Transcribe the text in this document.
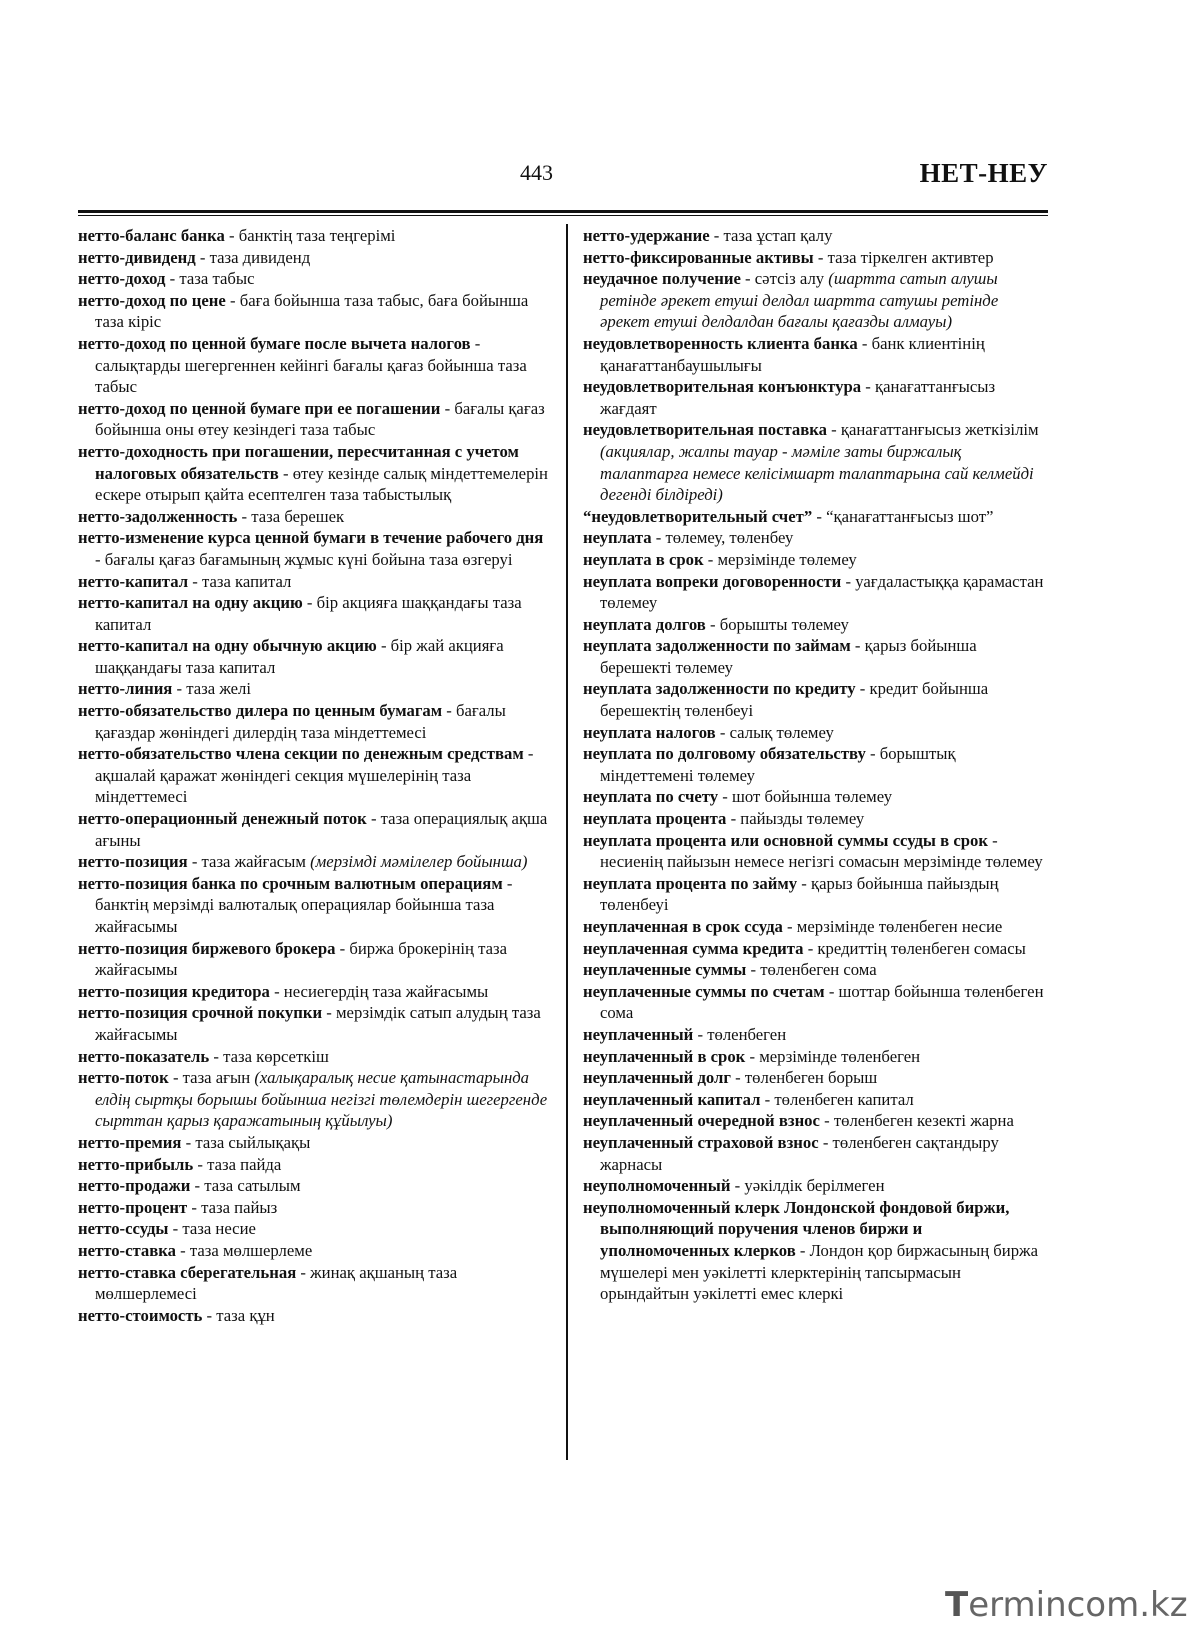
443	НЕТ-НЕУ
нетто-баланс банка - банктің таза теңгерімі
нетто-дивиденд - таза дивиденд
нетто-доход - таза табыс
нетто-доход по цене - баға бойынша таза табыс, баға бойынша таза кіріс
нетто-доход по ценной бумаге после вычета налогов - салықтарды шегергеннен кейінгі бағалы қағаз бойынша таза табыс
нетто-доход по ценной бумаге при ее погашении - бағалы қағаз бойынша оны өтеу кезіндегі таза табыс
нетто-доходность при погашении, пересчитанная с учетом налоговых обязательств - өтеу кезінде салық міндеттемелерін ескере отырып қайта есептелген таза табыстылық
нетто-задолженность - таза берешек
нетто-изменение курса ценной бумаги в течение рабочего дня - бағалы қағаз бағамының жұмыс күні бойына таза өзгеруі
нетто-капитал - таза капитал
нетто-капитал на одну акцию - бір акцияға шаққандағы таза капитал
нетто-капитал на одну обычную акцию - бір жай акцияға шаққандағы таза капитал
нетто-линия - таза желі
нетто-обязательство дилера по ценным бумагам - бағалы қағаздар жөніндегі дилердің таза міндеттемесі
нетто-обязательство члена секции по денежным средствам - ақшалай қаражат жөніндегі секция мүшелерінің таза міндеттемесі
нетто-операционный денежный поток - таза операциялық ақша ағыны
нетто-позиция - таза жайғасым (мерзімді мәмілелер бойынша)
нетто-позиция банка по срочным валютным операциям - банктің мерзімді валюталық операциялар бойынша таза жайғасымы
нетто-позиция биржевого брокера - биржа брокерінің таза жайғасымы
нетто-позиция кредитора - несиегердің таза жайғасымы
нетто-позиция срочной покупки - мерзімдік сатып алудың таза жайғасымы
нетто-показатель - таза көрсеткіш
нетто-поток - таза ағын (халықаралық несие қатынастарында елдің сыртқы борышы бойынша негізгі төлемдерін шегергенде сырттан қарыз қаражатының құйылуы)
нетто-премия - таза сыйлықақы
нетто-прибыль - таза пайда
нетто-продажи - таза сатылым
нетто-процент - таза пайыз
нетто-ссуды - таза несие
нетто-ставка - таза мөлшерлеме
нетто-ставка сберегательная - жинақ ақшаның таза мөлшерлемесі
нетто-стоимость - таза құн
нетто-удержание - таза ұстап қалу
нетто-фиксированные активы - таза тіркелген активтер
неудачное получение - сәтсіз алу (шартта сатып алушы ретінде әрекет етуші делдал шартта сатушы ретінде әрекет етуші делдалдан бағалы қағазды алмауы)
неудовлетворенность клиента банка - банк клиентінің қанағаттанбаушылығы
неудовлетворительная конъюнктура - қанағаттанғысыз жағдаят
неудовлетворительная поставка - қанағаттанғысыз жеткізілім (акциялар, жалпы тауар - мәміле заты биржалық талаптарға немесе келісімшарт талаптарына сай келмейді дегенді білдіреді)
“неудовлетворительный счет” - “қанағаттанғысыз шот”
неуплата - төлемеу, төленбеу
неуплата в срок - мерзімінде төлемеу
неуплата вопреки договоренности - уағдаластыққа қарамастан төлемеу
неуплата долгов - борышты төлемеу
неуплата задолженности по займам - қарыз бойынша берешекті төлемеу
неуплата задолженности по кредиту - кредит бойынша берешектің төленбеуі
неуплата налогов - салық төлемеу
неуплата по долговому обязательству - борыштық міндеттемені төлемеу
неуплата по счету - шот бойынша төлемеу
неуплата процента - пайызды төлемеу
неуплата процента или основной суммы ссуды в срок - несиенің пайызын немесе негізгі сомасын мерзімінде төлемеу
неуплата процента по займу - қарыз бойынша пайыздың төленбеуі
неуплаченная в срок ссуда - мерзімінде төленбеген несие
неуплаченная сумма кредита - кредиттің төленбеген сомасы
неуплаченные суммы - төленбеген сома
неуплаченные суммы по счетам - шоттар бойынша төленбеген сома
неуплаченный - төленбеген
неуплаченный в срок - мерзімінде төленбеген
неуплаченный долг - төленбеген борыш
неуплаченный капитал - төленбеген капитал
неуплаченный очередной взнос - төленбеген кезекті жарна
неуплаченный страховой взнос - төленбеген сақтандыру жарнасы
неуполномоченный - уәкілдік берілмеген
неуполномоченный клерк Лондонской фондовой биржи, выполняющий поручения членов биржи и уполномоченных клерков - Лондон қор биржасының биржа мүшелері мен уәкілетті клерктерінің тапсырмасын орындайтын уәкілетті емес клеркі
Termincom.kz
